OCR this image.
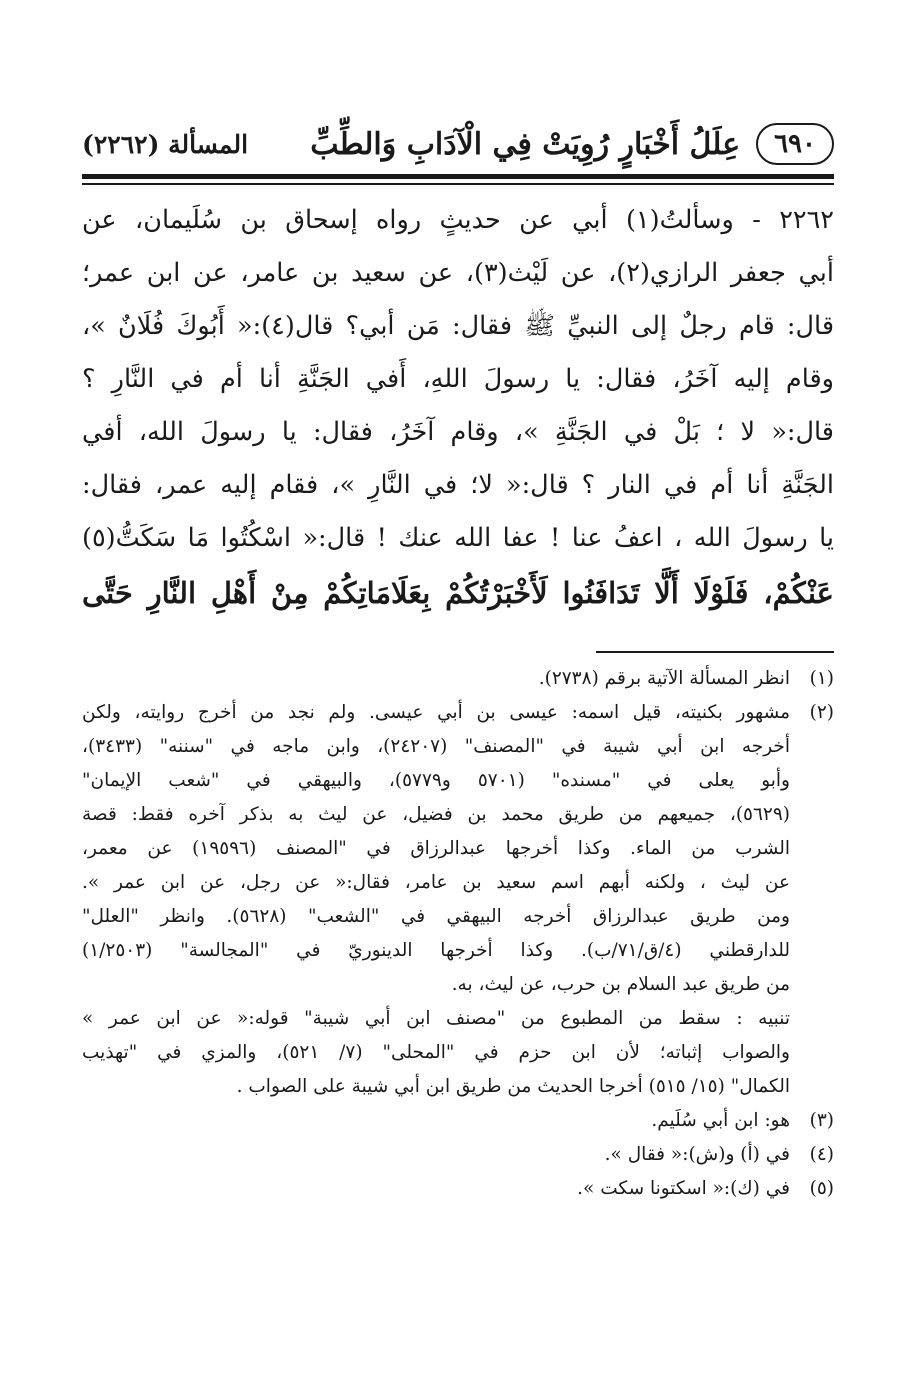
٦٩٠
عِلَلُ أَخْبَارٍ رُوِيَتْ فِي الْآدَابِ وَالطِّبِّ
المسألة (٢٢٦٢)
٢٢٦٢ - وسألتُ(١) أبي عن حديثٍ رواه إسحاق بن سُلَيمان، عن
أبي جعفر الرازي(٢)، عن لَيْث(٣)، عن سعيد بن عامر، عن ابن عمر؛
قال: قام رجلٌ إلى النبيِّ ﷺ فقال: مَن أبي؟ قال(٤):« أَبُوكَ فُلَانٌ »،
وقام إليه آخَرُ، فقال: يا رسولَ اللهِ، أَفي الجَنَّةِ أنا أم في النَّارِ ؟
قال:« لا ؛ بَلْ في الجَنَّةِ »، وقام آخَرُ، فقال: يا رسولَ الله، أفي
الجَنَّةِ أنا أم في النار ؟ قال:« لا؛ في النَّارِ »، فقام إليه عمر، فقال:
يا رسولَ الله ، اعفُ عنا ! عفا الله عنك ! قال:« اسْكُتُوا مَا سَكَتُّ(٥)
عَنْكُمْ، فَلَوْلَا أَلَّا تَدَافَنُوا لَأَخْبَرْتُكُمْ بِعَلَامَاتِكُمْ مِنْ أَهْلِ النَّارِ حَتَّى
(١)
انظر المسألة الآتية برقم (٢٧٣٨).
(٢)
مشهور بكنيته، قيل اسمه: عيسى بن أبي عيسى. ولم نجد من أخرج روايته، ولكن
أخرجه ابن أبي شيبة في "المصنف" (٢٤٢٠٧)، وابن ماجه في "سننه" (٣٤٣٣)،
وأبو يعلى في "مسنده" (٥٧٠١ و٥٧٧٩)، والبيهقي في "شعب الإيمان"
(٥٦٢٩)، جميعهم من طريق محمد بن فضيل، عن ليث به بذكر آخره فقط: قصة
الشرب من الماء. وكذا أخرجها عبدالرزاق في "المصنف (١٩٥٩٦) عن معمر،
عن ليث ، ولكنه أبهم اسم سعيد بن عامر، فقال:« عن رجل، عن ابن عمر ».
ومن طريق عبدالرزاق أخرجه البيهقي في "الشعب" (٥٦٢٨). وانظر "العلل"
للدارقطني (٤/ق/٧١/ب). وكذا أخرجها الدينوريّ في "المجالسة" (١/٢٥٠٣)
من طريق عبد السلام بن حرب، عن ليث، به.
تنبيه : سقط من المطبوع من "مصنف ابن أبي شيبة" قوله:« عن ابن عمر »
والصواب إثباته؛ لأن ابن حزم في "المحلى" (٧/ ٥٢١)، والمزي في "تهذيب
الكمال" (١٥/ ٥١٥) أخرجا الحديث من طريق ابن أبي شيبة على الصواب .
(٣)
هو: ابن أبي سُلَيم.
(٤)
في (أ) و(ش):« فقال ».
(٥)
في (ك):« اسكتونا سكت ».
